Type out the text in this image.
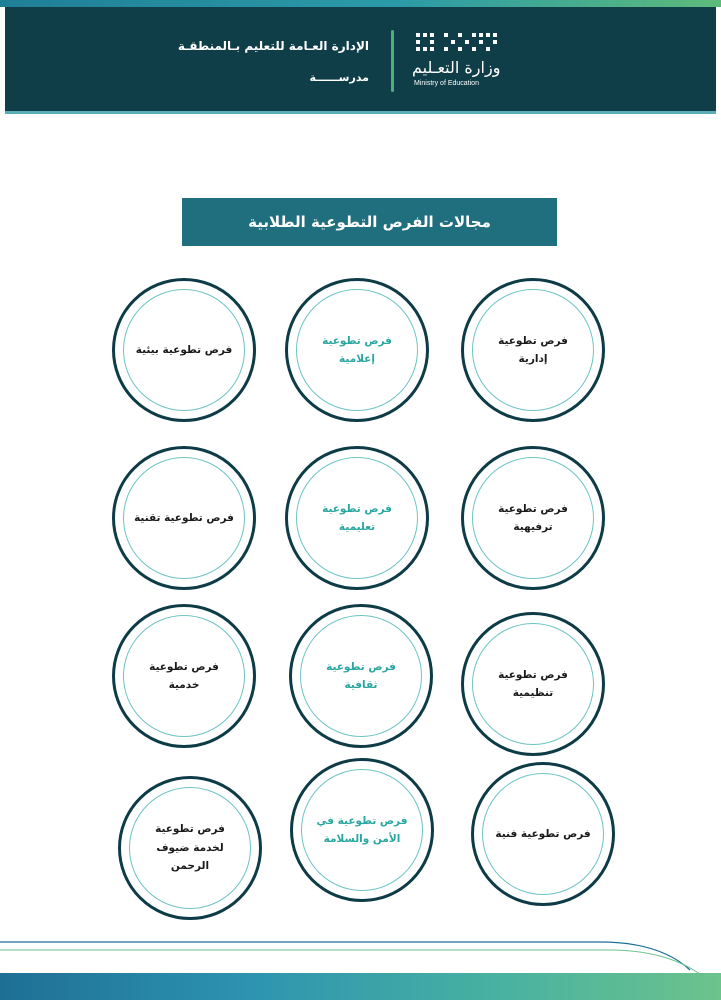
الإدارة العـامة للتعليم بـالمنطقـة
مدرســــــة
وزارة التعـليم
Ministry of Education
مجالات الفرص التطوعية الطلابية
فرص تطوعية بيئية
فرص تطوعية
إعلامية
فرص تطوعية إدارية
فرص تطوعية تقنية
فرص تطوعية
تعليمية
فرص تطوعية
ترفيهية
فرص تطوعية
خدمية
فرص تطوعية ثقافية
فرص تطوعية
تنظيمية
فرص تطوعية
لخدمة ضيوف
الرحمن
فرص تطوعية في
الأمن والسلامة	فرص تطوعية فنية
